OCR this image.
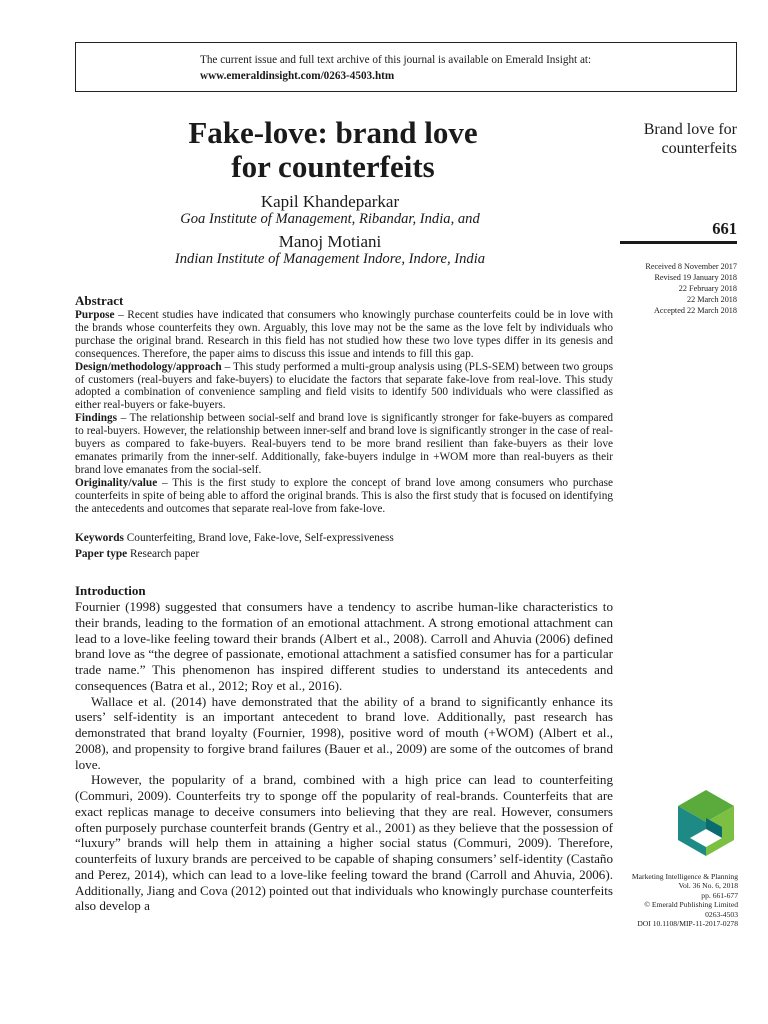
The current issue and full text archive of this journal is available on Emerald Insight at:
www.emeraldinsight.com/0263-4503.htm
Fake-love: brand love
for counterfeits
Kapil Khandeparkar
Goa Institute of Management, Ribandar, India, and
Manoj Motiani
Indian Institute of Management Indore, Indore, India
Brand love for
counterfeits
661
Received 8 November 2017
Revised 19 January 2018
22 February 2018
22 March 2018
Accepted 22 March 2018
Abstract

Purpose – Recent studies have indicated that consumers who knowingly purchase counterfeits could be in love with the brands whose counterfeits they own. Arguably, this love may not be the same as the love felt by individuals who purchase the original brand. Research in this field has not studied how these two love types differ in its genesis and consequences. Therefore, the paper aims to discuss this issue and intends to fill this gap.

Design/methodology/approach – This study performed a multi-group analysis using (PLS-SEM) between two groups of customers (real-buyers and fake-buyers) to elucidate the factors that separate fake-love from real-love. This study adopted a combination of convenience sampling and field visits to identify 500 individuals who were classified as either real-buyers or fake-buyers.

Findings – The relationship between social-self and brand love is significantly stronger for fake-buyers as compared to real-buyers. However, the relationship between inner-self and brand love is significantly stronger in the case of real-buyers as compared to fake-buyers. Real-buyers tend to be more brand resilient than fake-buyers as their love emanates primarily from the inner-self. Additionally, fake-buyers indulge in +WOM more than real-buyers as their brand love emanates from the social-self.

Originality/value – This is the first study to explore the concept of brand love among consumers who purchase counterfeits in spite of being able to afford the original brands. This is also the first study that is focused on identifying the antecedents and outcomes that separate real-love from fake-love.

Keywords Counterfeiting, Brand love, Fake-love, Self-expressiveness
Paper type Research paper
Introduction

Fournier (1998) suggested that consumers have a tendency to ascribe human-like characteristics to their brands, leading to the formation of an emotional attachment. A strong emotional attachment can lead to a love-like feeling toward their brands (Albert et al., 2008). Carroll and Ahuvia (2006) defined brand love as “the degree of passionate, emotional attachment a satisfied consumer has for a particular trade name.” This phenomenon has inspired different studies to understand its antecedents and consequences (Batra et al., 2012; Roy et al., 2016).

Wallace et al. (2014) have demonstrated that the ability of a brand to significantly enhance its users’ self-identity is an important antecedent to brand love. Additionally, past research has demonstrated that brand loyalty (Fournier, 1998), positive word of mouth (+WOM) (Albert et al., 2008), and propensity to forgive brand failures (Bauer et al., 2009) are some of the outcomes of brand love.

However, the popularity of a brand, combined with a high price can lead to counterfeiting (Commuri, 2009). Counterfeits try to sponge off the popularity of real-brands. Counterfeits that are exact replicas manage to deceive consumers into believing that they are real. However, consumers often purposely purchase counterfeit brands (Gentry et al., 2001) as they believe that the possession of “luxury” brands will help them in attaining a higher social status (Commuri, 2009). Therefore, counterfeits of luxury brands are perceived to be capable of shaping consumers’ self-identity (Castaño and Perez, 2014), which can lead to a love-like feeling toward the brand (Carroll and Ahuvia, 2006). Additionally, Jiang and Cova (2012) pointed out that individuals who knowingly purchase counterfeits also develop a

Marketing Intelligence & Planning
Vol. 36 No. 6, 2018
pp. 661-677
© Emerald Publishing Limited
0263-4503
DOI 10.1108/MIP-11-2017-0278
